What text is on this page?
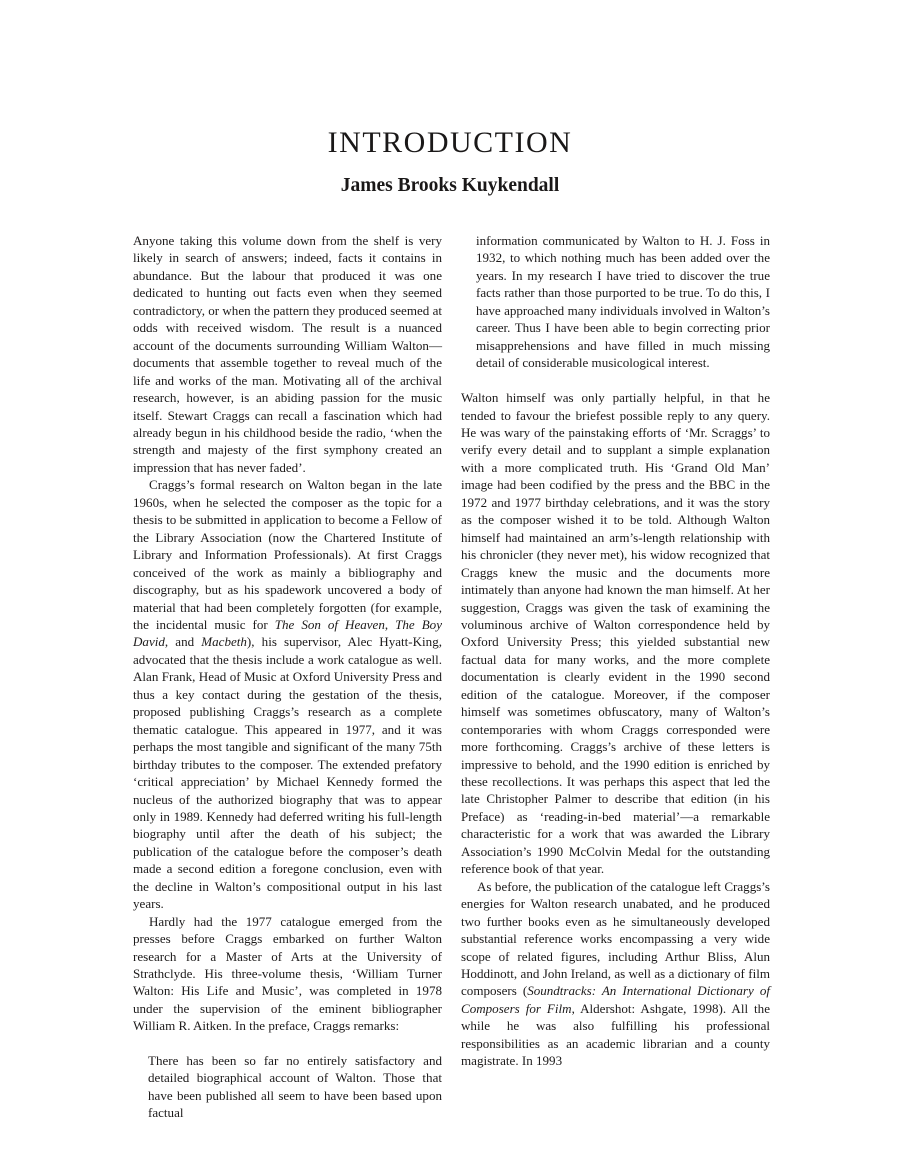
INTRODUCTION
James Brooks Kuykendall

Anyone taking this volume down from the shelf is very likely in search of answers; indeed, facts it contains in abundance. But the labour that produced it was one dedicated to hunting out facts even when they seemed contradictory, or when the pattern they produced seemed at odds with received wisdom. The result is a nuanced account of the documents surrounding William Walton—documents that assemble together to reveal much of the life and works of the man. Motivating all of the archival research, however, is an abiding passion for the music itself. Stewart Craggs can recall a fascination which had already begun in his childhood beside the radio, ‘when the strength and majesty of the first symphony created an impression that has never faded’.

Craggs’s formal research on Walton began in the late 1960s, when he selected the composer as the topic for a thesis to be submitted in application to become a Fellow of the Library Association (now the Chartered Institute of Library and Information Professionals). At first Craggs conceived of the work as mainly a bibliography and discography, but as his spadework uncovered a body of material that had been completely forgotten (for example, the incidental music for The Son of Heaven, The Boy David, and Macbeth), his supervisor, Alec Hyatt-King, advocated that the thesis include a work catalogue as well. Alan Frank, Head of Music at Oxford University Press and thus a key contact during the gestation of the thesis, proposed publishing Craggs’s research as a complete thematic catalogue. This appeared in 1977, and it was perhaps the most tangible and significant of the many 75th birthday tributes to the composer. The extended prefatory ‘critical appreciation’ by Michael Kennedy formed the nucleus of the authorized biography that was to appear only in 1989. Kennedy had deferred writing his full-length biography until after the death of his subject; the publication of the catalogue before the composer’s death made a second edition a foregone conclusion, even with the decline in Walton’s compositional output in his last years.

Hardly had the 1977 catalogue emerged from the presses before Craggs embarked on further Walton research for a Master of Arts at the University of Strathclyde. His three-volume thesis, ‘William Turner Walton: His Life and Music’, was completed in 1978 under the supervision of the eminent bibliographer William R. Aitken. In the preface, Craggs remarks:

There has been so far no entirely satisfactory and detailed biographical account of Walton. Those that have been published all seem to have been based upon factual

information communicated by Walton to H. J. Foss in 1932, to which nothing much has been added over the years. In my research I have tried to discover the true facts rather than those purported to be true. To do this, I have approached many individuals involved in Walton’s career. Thus I have been able to begin correcting prior misapprehensions and have filled in much missing detail of considerable musicological interest.

Walton himself was only partially helpful, in that he tended to favour the briefest possible reply to any query. He was wary of the painstaking efforts of ‘Mr. Scraggs’ to verify every detail and to supplant a simple explanation with a more complicated truth. His ‘Grand Old Man’ image had been codified by the press and the BBC in the 1972 and 1977 birthday celebrations, and it was the story as the composer wished it to be told. Although Walton himself had maintained an arm’s-length relationship with his chronicler (they never met), his widow recognized that Craggs knew the music and the documents more intimately than anyone had known the man himself. At her suggestion, Craggs was given the task of examining the voluminous archive of Walton correspondence held by Oxford University Press; this yielded substantial new factual data for many works, and the more complete documentation is clearly evident in the 1990 second edition of the catalogue. Moreover, if the composer himself was sometimes obfuscatory, many of Walton’s contemporaries with whom Craggs corresponded were more forthcoming. Craggs’s archive of these letters is impressive to behold, and the 1990 edition is enriched by these recollections. It was perhaps this aspect that led the late Christopher Palmer to describe that edition (in his Preface) as ‘reading-in-bed material’—a remarkable characteristic for a work that was awarded the Library Association’s 1990 McColvin Medal for the outstanding reference book of that year.

As before, the publication of the catalogue left Craggs’s energies for Walton research unabated, and he produced two further books even as he simultaneously developed substantial reference works encompassing a very wide scope of related figures, including Arthur Bliss, Alun Hoddinott, and John Ireland, as well as a dictionary of film composers (Soundtracks: An International Dictionary of Composers for Film, Aldershot: Ashgate, 1998). All the while he was also fulfilling his professional responsibilities as an academic librarian and a county magistrate. In 1993
